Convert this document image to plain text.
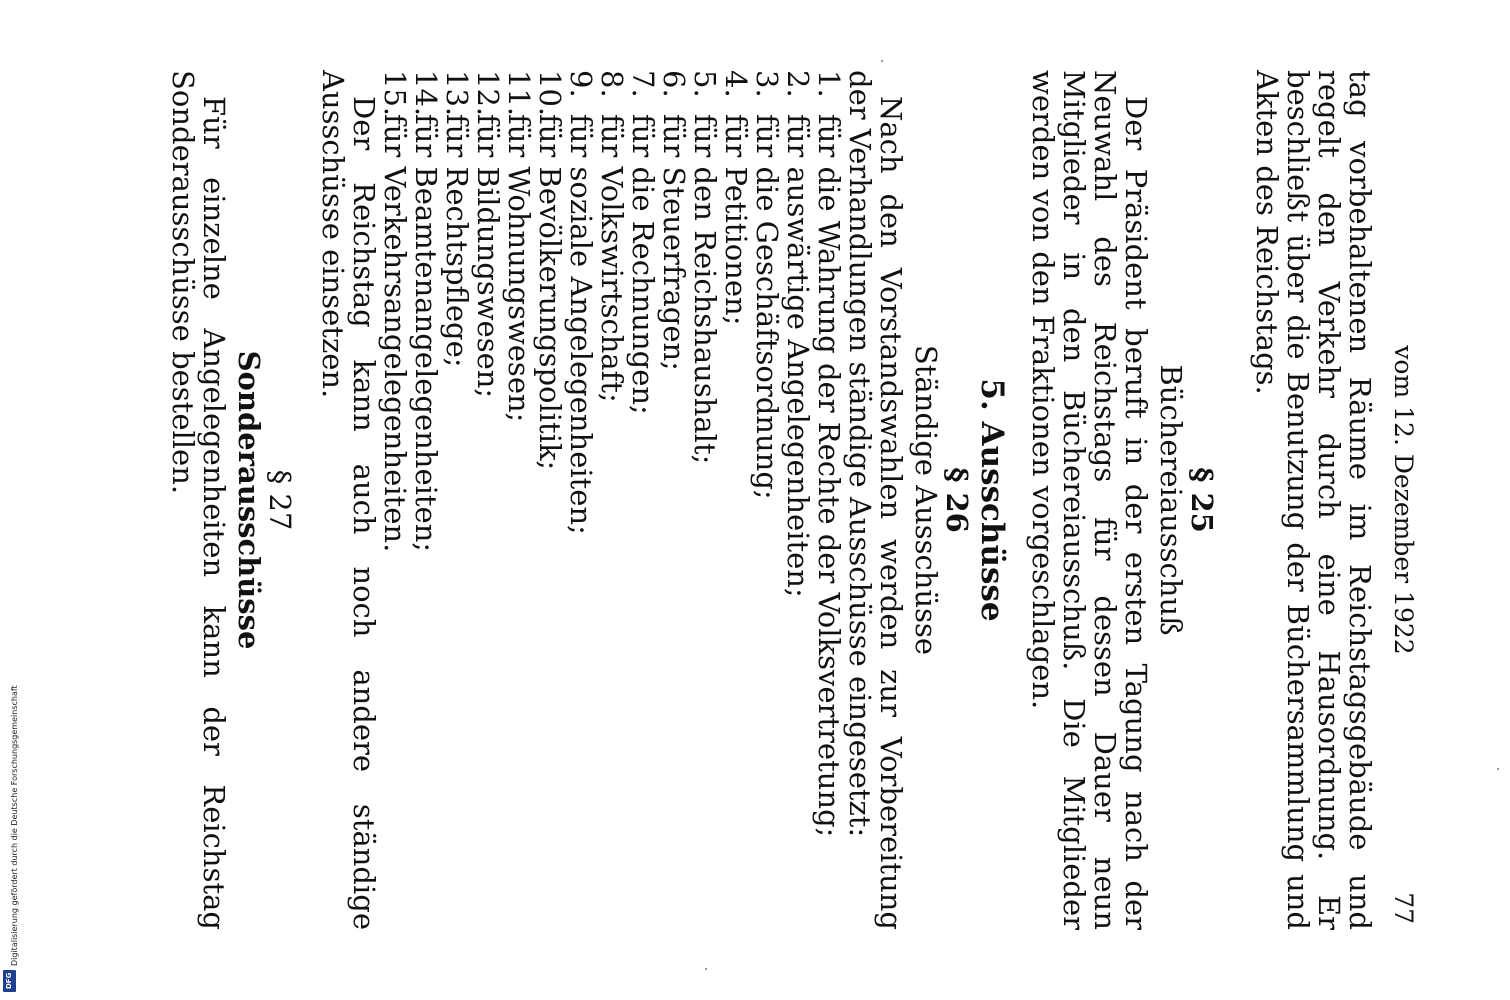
vom 12. Dezember 1922
77

tag vorbehaltenen Räume im Reichstagsgebäude und regelt den Verkehr durch eine Hausordnung. Er beschließt über die Benutzung der Büchersammlung und Akten des Reichstags.

§ 25
Büchereiausschuß

Der Präsident beruft in der ersten Tagung nach der Neuwahl des Reichstags für dessen Dauer neun Mitglieder in den Büchereiausschuß. Die Mitglieder werden von den Fraktionen vorgeschlagen.

5. Ausschüsse
§ 26
Ständige Ausschüsse

Nach den Vorstandswahlen werden zur Vorbereitung der Verhandlungen ständige Ausschüsse eingesetzt:

1.
für die Wahrung der Rechte der Volksvertretung;
2.
für auswärtige Angelegenheiten;
3.
für die Geschäftsordnung;
4.
für Petitionen;
5.
für den Reichshaushalt;
6.
für Steuerfragen;
7.
für die Rechnungen;
8.
für Volkswirtschaft;
9.
für soziale Angelegenheiten;
10.
für Bevölkerungspolitik;
11.
für Wohnungswesen;
12.
für Bildungswesen;
13.
für Rechtspflege;
14.
für Beamtenangelegenheiten;
15.
für Verkehrsangelegenheiten.

Der Reichstag kann auch noch andere ständige Ausschüsse einsetzen.

§ 27
Sonderausschüsse

Für einzelne Angelegenheiten kann der Reichstag Sonderausschüsse bestellen.

Digitalisierung gefördert durch die Deutsche Forschungsgemeinschaft
DFG
